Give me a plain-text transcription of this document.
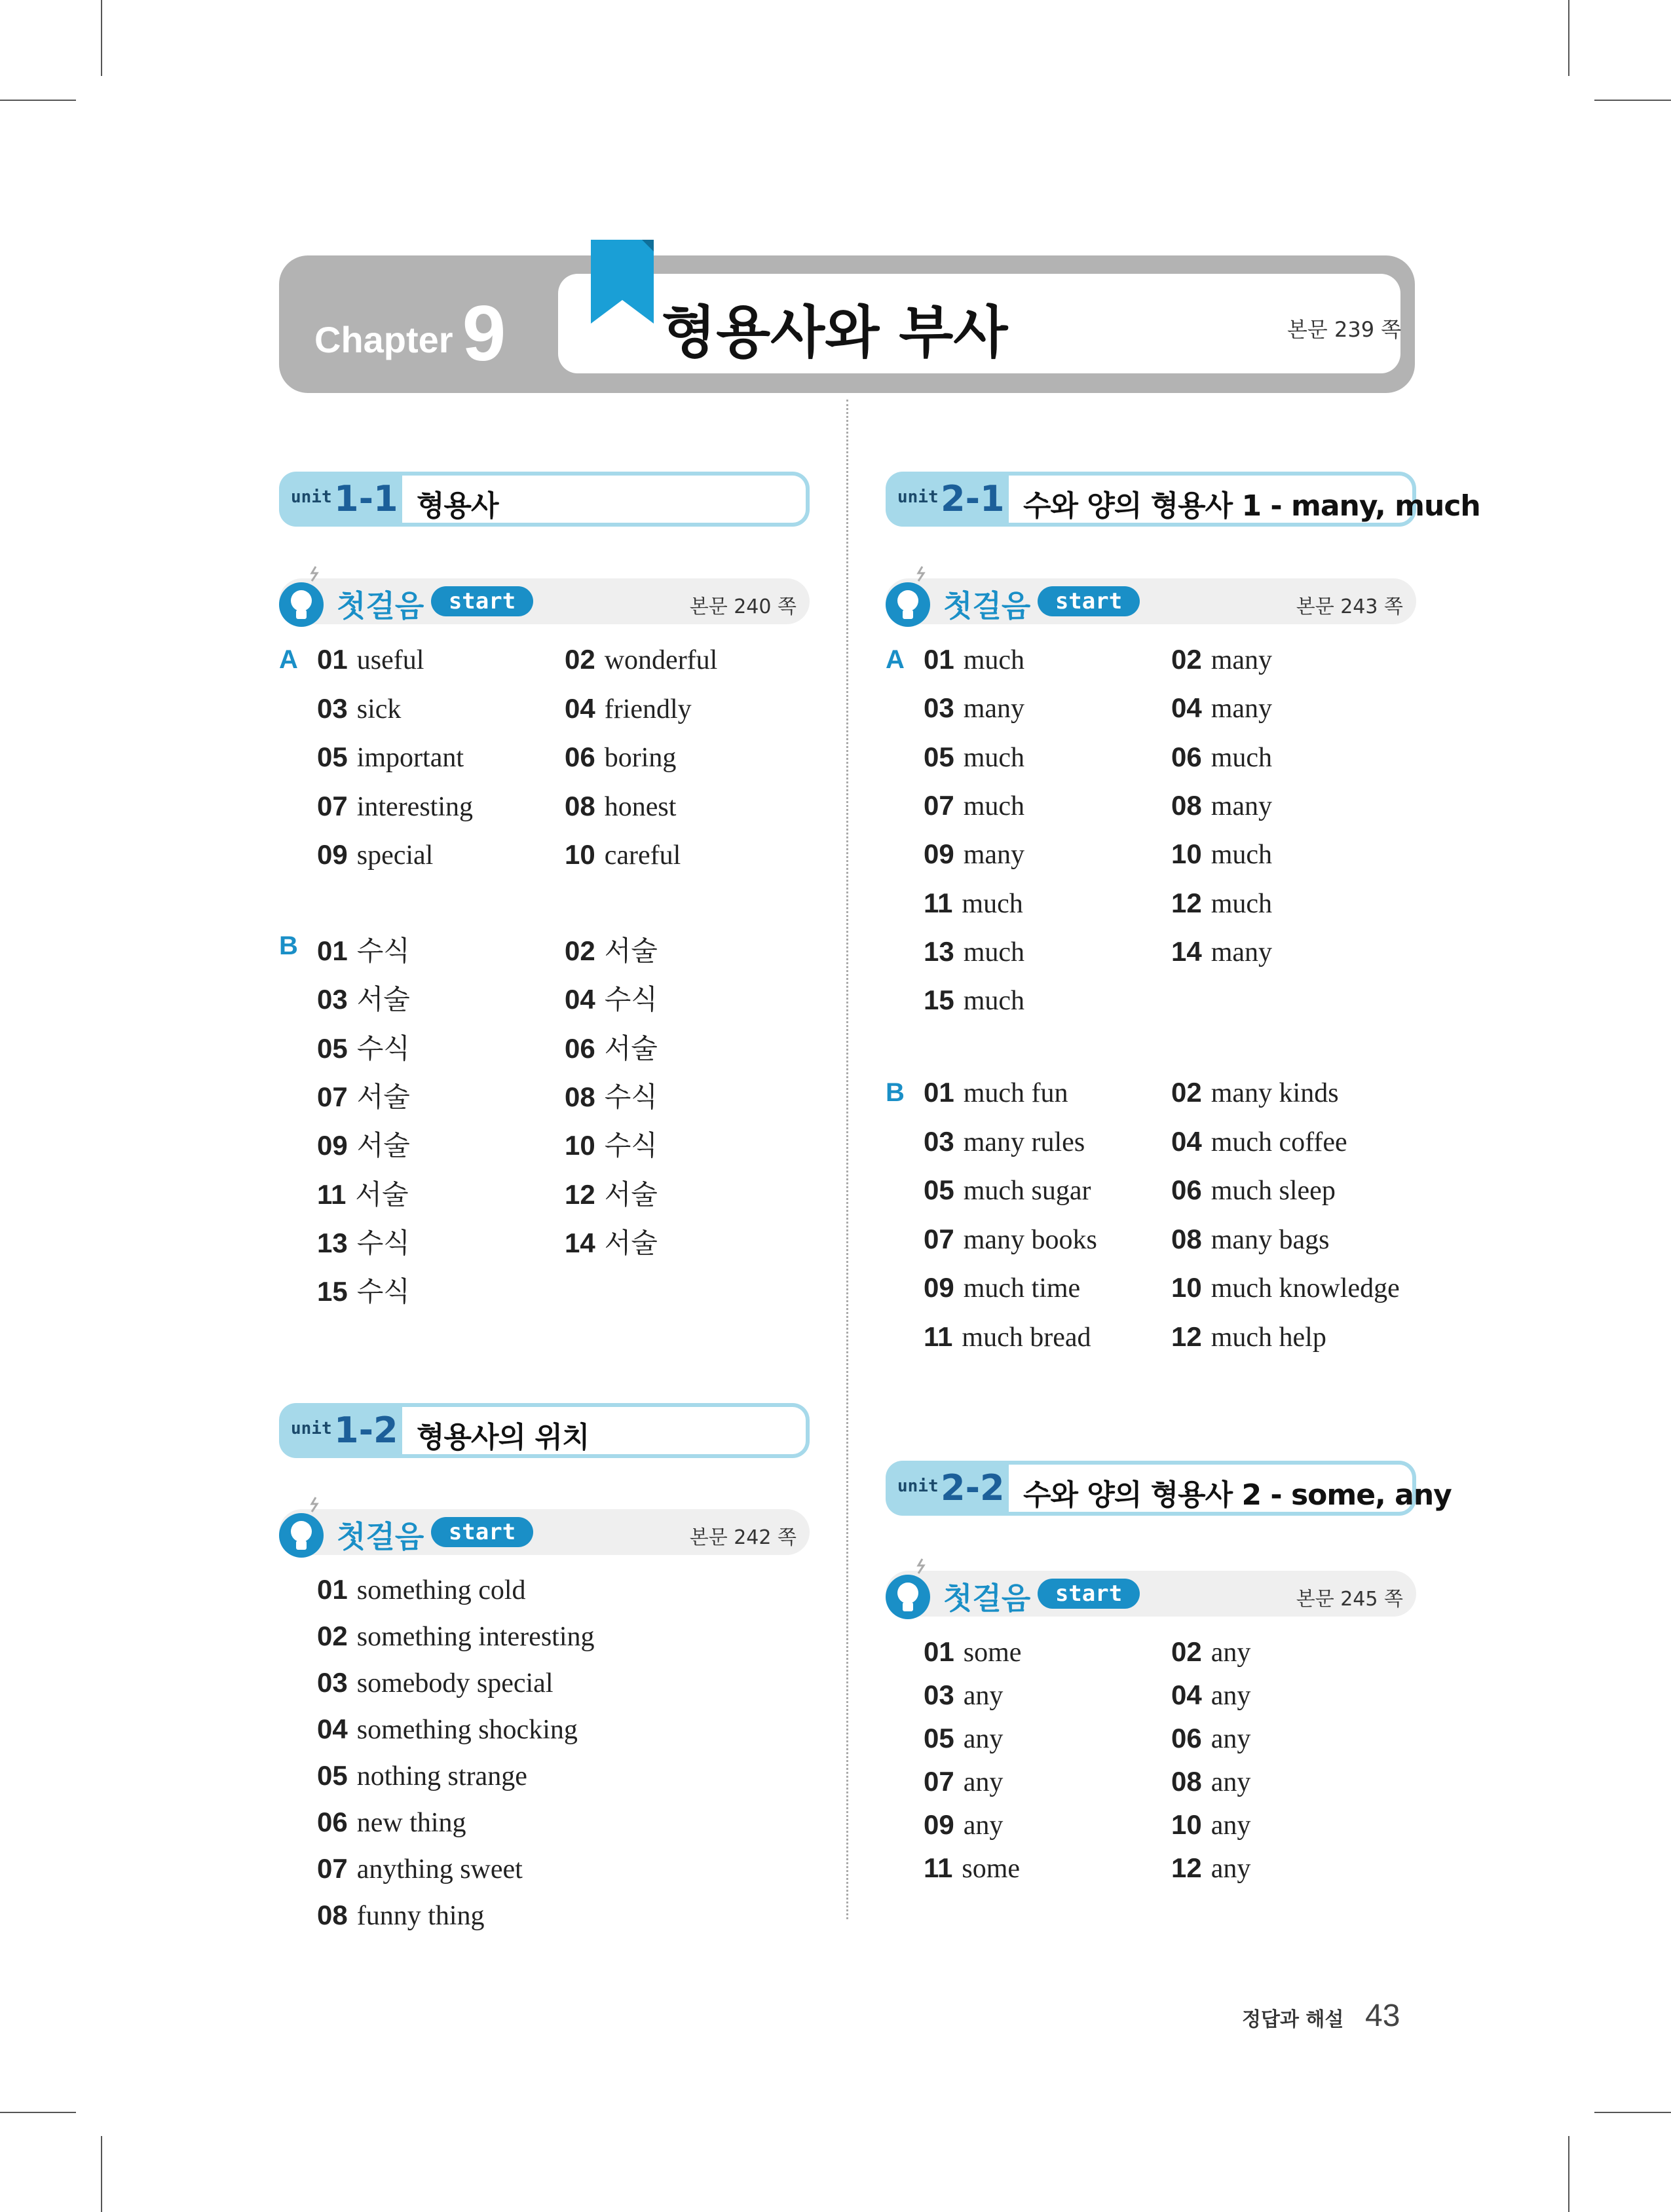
Chapter 9	형용사와 부사	본문 239 쪽
unit 1-1 형용사
첫걸음	start	본문 240 쪽
A
B
unit 1-2 형용사의 위치
첫걸음	start	본문 242 쪽
unit 2-1 수와 양의 형용사 1 - many, much
첫걸음	start	본문 243 쪽
A
B
unit 2-2 수와 양의 형용사 2 - some, any
첫걸음	start	본문 245 쪽
정답과 해설 43
01 useful	02 wonderful
03 sick	04 friendly
05 important	06 boring
07 interesting	08 honest
09 special	10 careful
01 수식	02 서술
03 서술	04 수식
05 수식	06 서술
07 서술	08 수식
09 서술	10 수식
11 서술	12 서술
13 수식	14 서술
15 수식
01 something cold
02 something interesting
03 somebody special
04 something shocking
05 nothing strange
06 new thing
07 anything sweet
08 funny thing
01 much	02 many
03 many	04 many
05 much	06 much
07 much	08 many
09 many	10 much
11 much	12 much
13 much	14 many
15 much
01 much fun	02 many kinds
03 many rules	04 much coffee
05 much sugar	06 much sleep
07 many books	08 many bags
09 much time	10 much knowledge
11 much bread	12 much help
01 some	02 any
03 any	04 any
05 any	06 any
07 any	08 any
09 any	10 any
11 some	12 any
